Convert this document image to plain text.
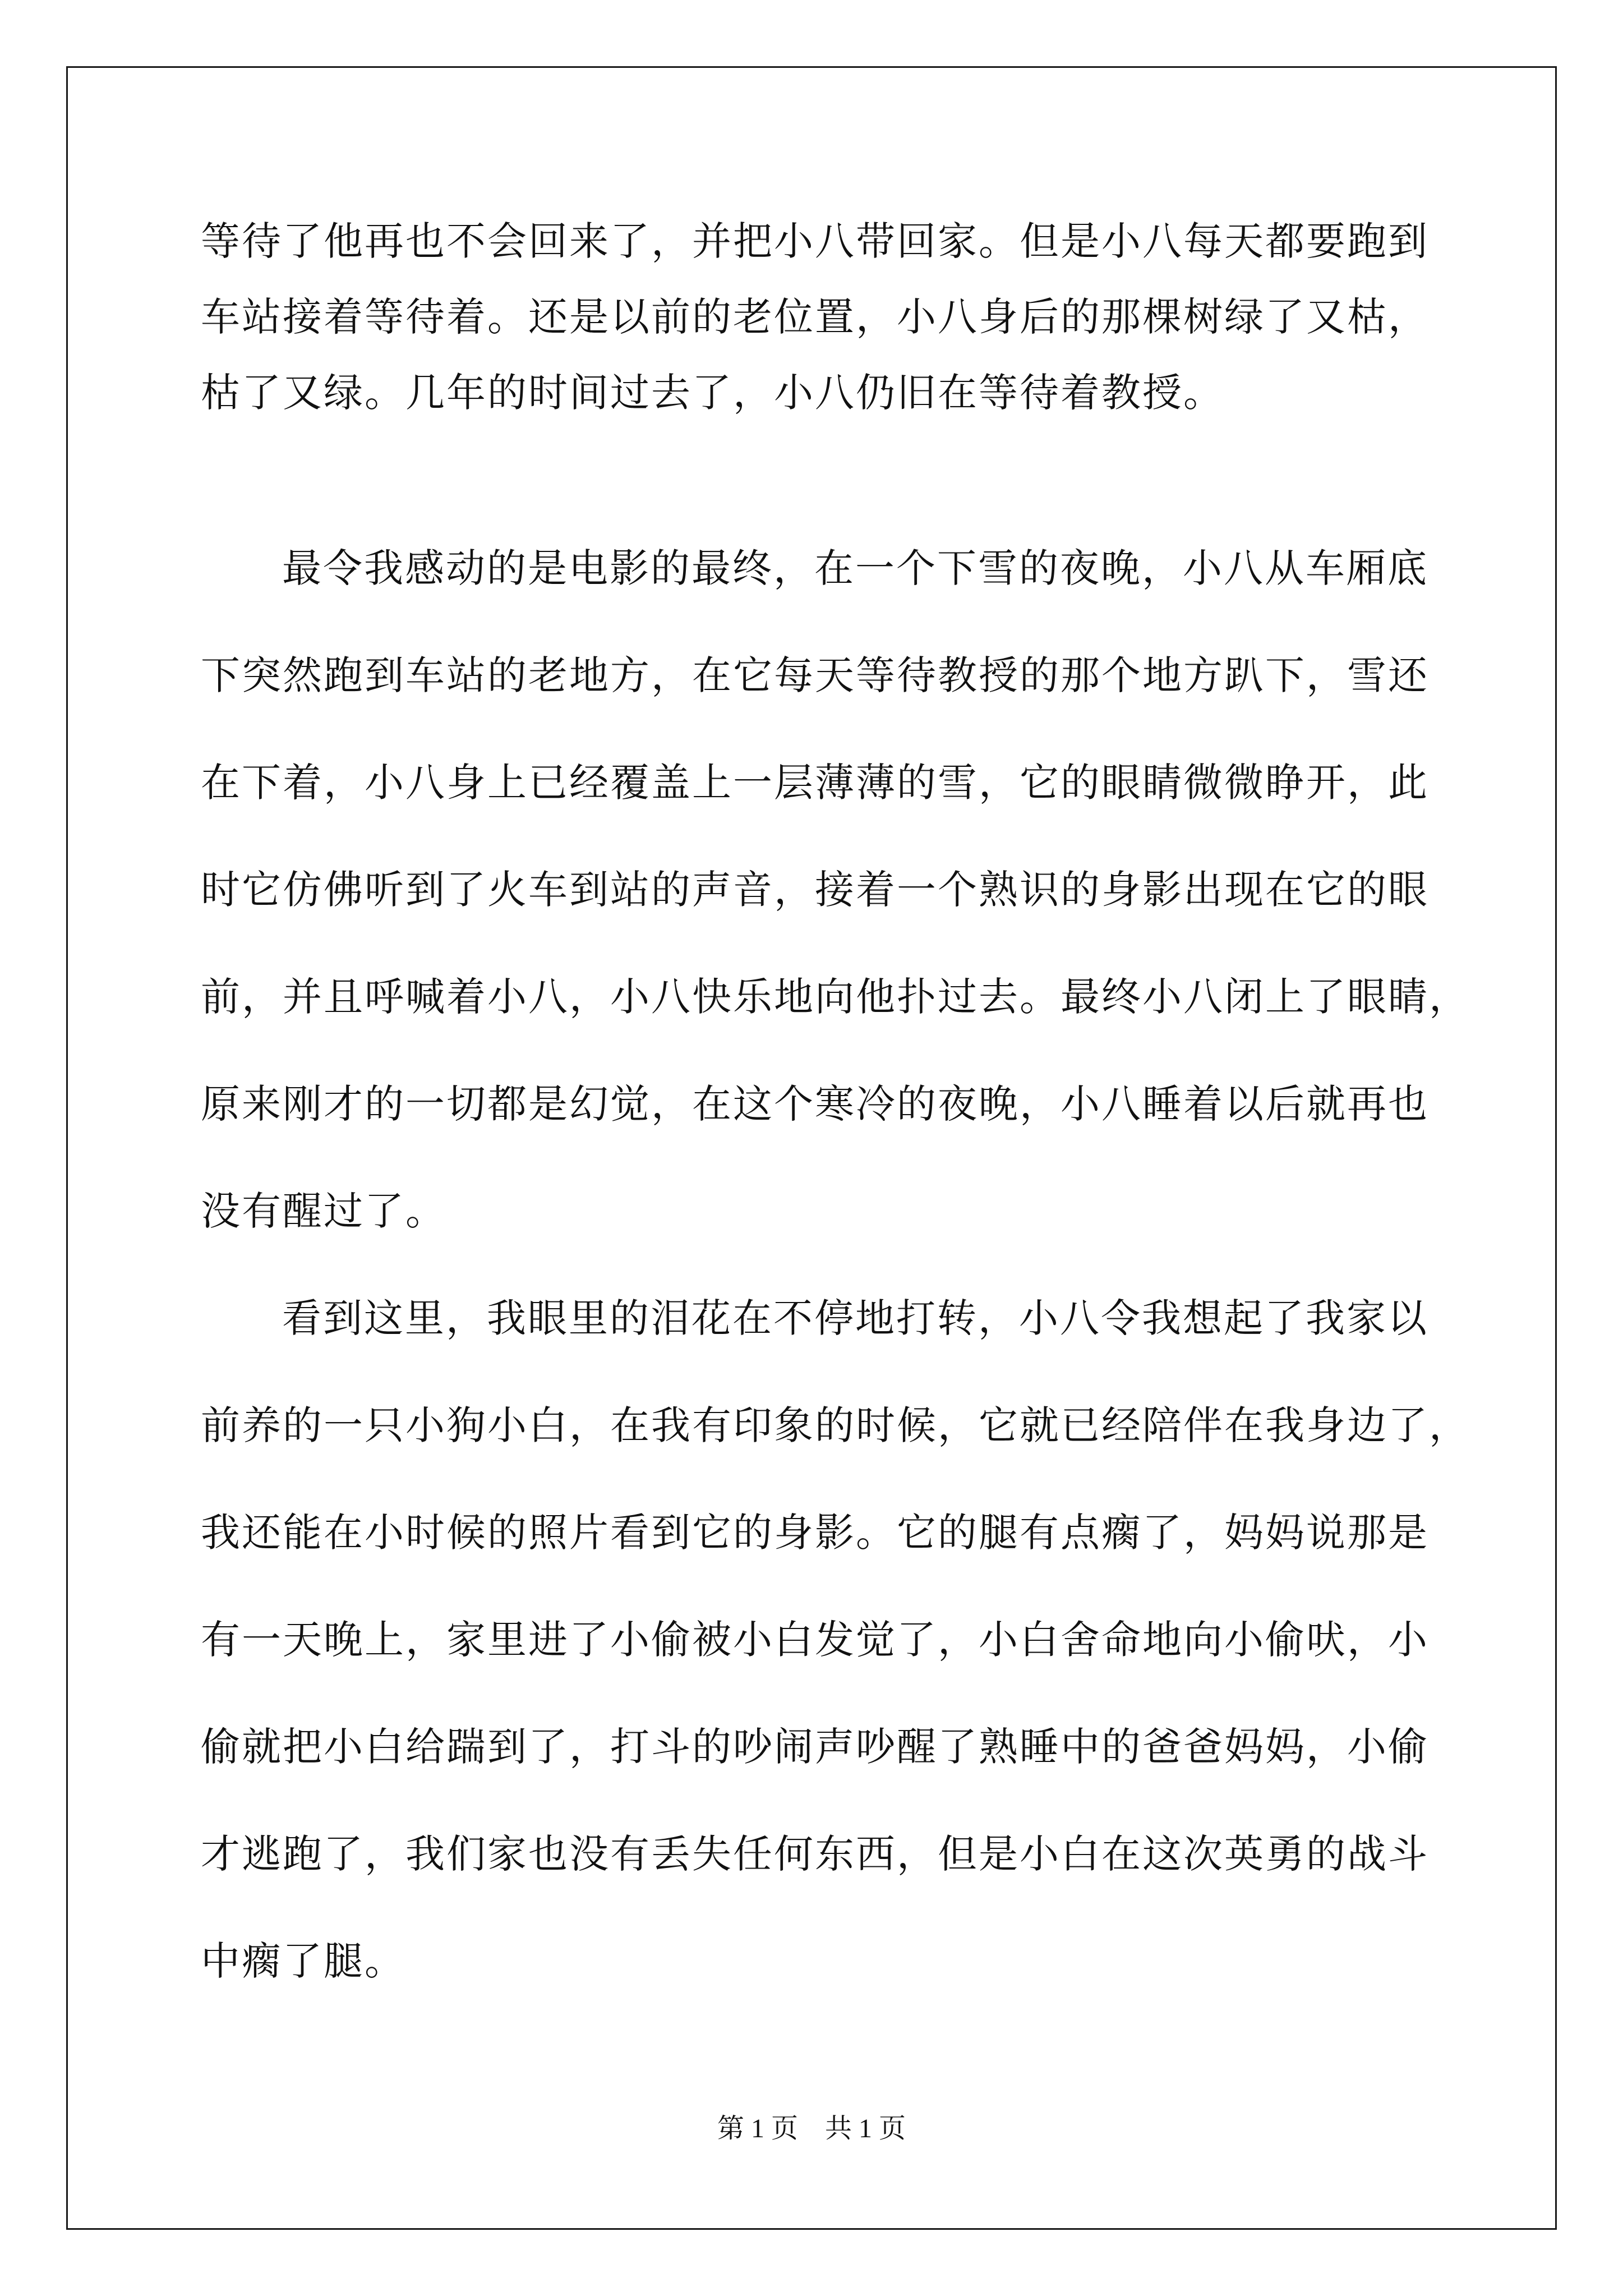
等待了他再也不会回来了，并把小八带回家。但是小八每天都要跑到
车站接着等待着。还是以前的老位置，小八身后的那棵树绿了又枯，
枯了又绿。几年的时间过去了，小八仍旧在等待着教授。
最令我感动的是电影的最终，在一个下雪的夜晚，小八从车厢底
下突然跑到车站的老地方，在它每天等待教授的那个地方趴下，雪还
在下着，小八身上已经覆盖上一层薄薄的雪，它的眼睛微微睁开，此
时它仿佛听到了火车到站的声音，接着一个熟识的身影出现在它的眼
前，并且呼喊着小八，小八快乐地向他扑过去。最终小八闭上了眼睛，
原来刚才的一切都是幻觉，在这个寒冷的夜晚，小八睡着以后就再也
没有醒过了。
看到这里，我眼里的泪花在不停地打转，小八令我想起了我家以
前养的一只小狗小白，在我有印象的时候，它就已经陪伴在我身边了，
我还能在小时候的照片看到它的身影。它的腿有点瘸了，妈妈说那是
有一天晚上，家里进了小偷被小白发觉了，小白舍命地向小偷吠，小
偷就把小白给踹到了，打斗的吵闹声吵醒了熟睡中的爸爸妈妈，小偷
才逃跑了，我们家也没有丢失任何东西，但是小白在这次英勇的战斗
中瘸了腿。
第 1 页    共 1 页
